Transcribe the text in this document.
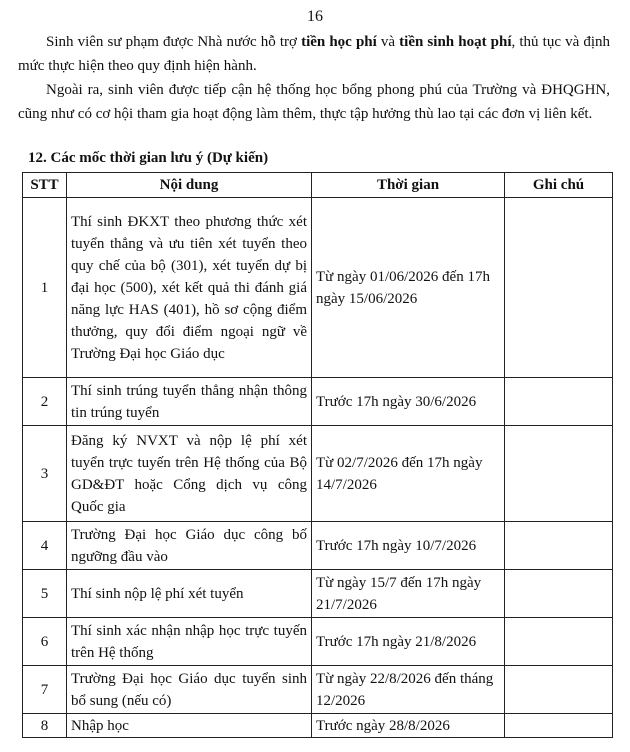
16

Sinh viên sư phạm được Nhà nước hỗ trợ tiền học phí và tiền sinh hoạt phí, thủ tục và định mức thực hiện theo quy định hiện hành.

Ngoài ra, sinh viên được tiếp cận hệ thống học bổng phong phú của Trường và ĐHQGHN, cũng như có cơ hội tham gia hoạt động làm thêm, thực tập hưởng thù lao tại các đơn vị liên kết.

12. Các mốc thời gian lưu ý (Dự kiến)
STT	Nội dung	Thời gian	Ghi chú
1	Thí sinh ĐKXT theo phương thức xét tuyển thẳng và ưu tiên xét tuyển theo quy chế của bộ (301), xét tuyển dự bị đại học (500), xét kết quả thi đánh giá năng lực HAS (401), hồ sơ cộng điểm thưởng, quy đổi điểm ngoại ngữ về Trường Đại học Giáo dục	Từ ngày 01/06/2026 đến 17h ngày 15/06/2026	
2	Thí sinh trúng tuyển thẳng nhận thông tin trúng tuyển	Trước 17h ngày 30/6/2026	
3	Đăng ký NVXT và nộp lệ phí xét tuyển trực tuyến trên Hệ thống của Bộ GD&ĐT hoặc Cổng dịch vụ công Quốc gia	Từ 02/7/2026 đến 17h ngày 14/7/2026	
4	Trường Đại học Giáo dục công bố ngưỡng đầu vào	Trước 17h ngày 10/7/2026	
5	Thí sinh nộp lệ phí xét tuyển	Từ ngày 15/7 đến 17h ngày 21/7/2026	
6	Thí sinh xác nhận nhập học trực tuyến trên Hệ thống	Trước 17h ngày 21/8/2026	
7	Trường Đại học Giáo dục tuyển sinh bổ sung (nếu có)	Từ ngày 22/8/2026 đến tháng 12/2026	
8	Nhập học	Trước ngày 28/8/2026	
